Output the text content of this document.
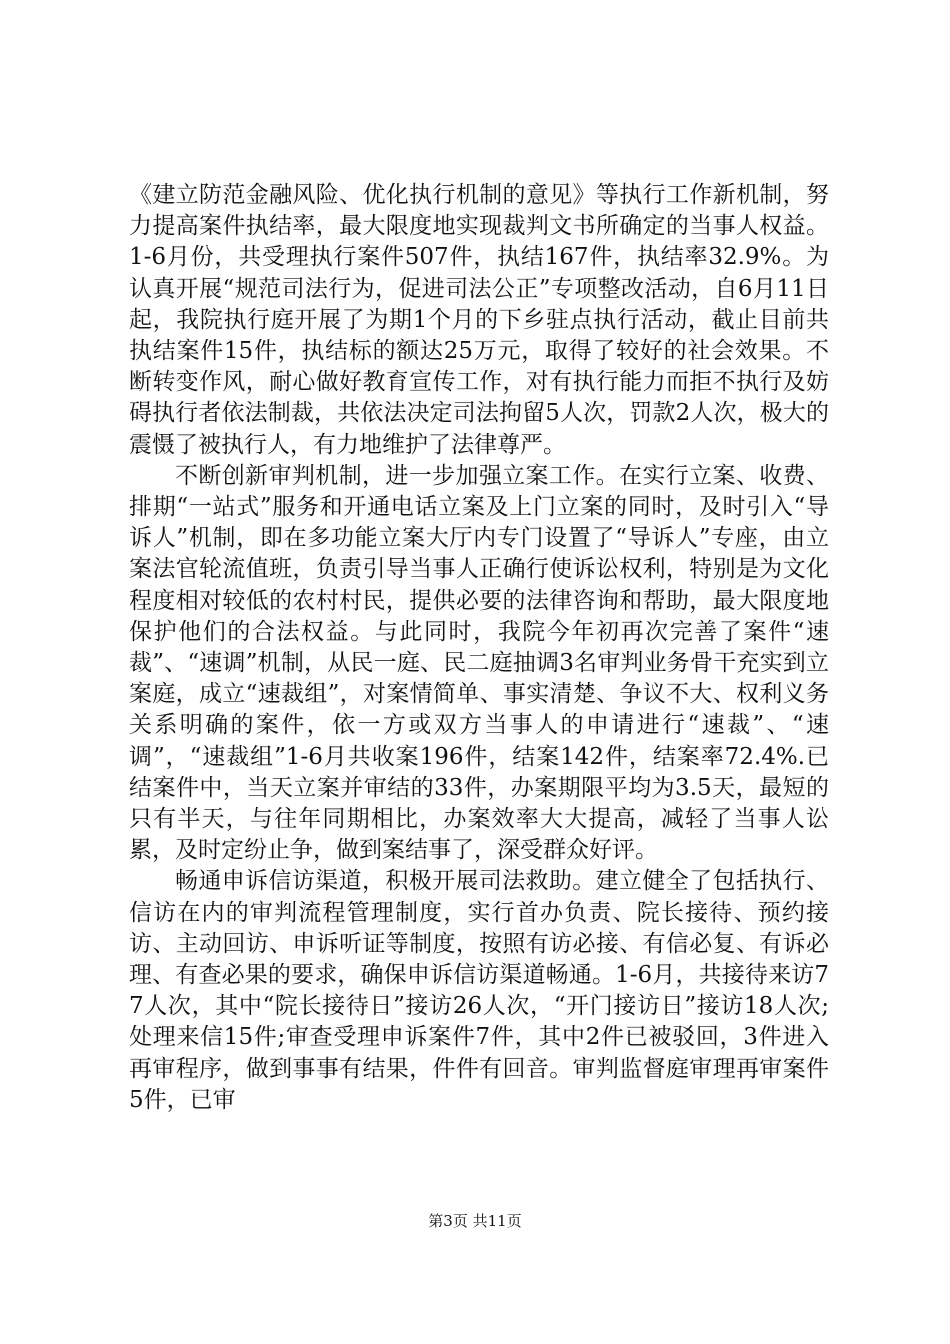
《建立防范金融风险、优化执行机制的意见》等执行工作新机制，努力提高案件执结率，最大限度地实现裁判文书所确定的当事人权益。1-6月份，共受理执行案件507件，执结167件，执结率32.9%。为认真开展“规范司法行为，促进司法公正”专项整改活动，自6月11日起，我院执行庭开展了为期1个月的下乡驻点执行活动，截止目前共执结案件15件，执结标的额达25万元，取得了较好的社会效果。不断转变作风，耐心做好教育宣传工作，对有执行能力而拒不执行及妨碍执行者依法制裁，共依法决定司法拘留5人次，罚款2人次，极大的震慑了被执行人，有力地维护了法律尊严。

不断创新审判机制，进一步加强立案工作。在实行立案、收费、排期“一站式”服务和开通电话立案及上门立案的同时，及时引入“导诉人”机制，即在多功能立案大厅内专门设置了“导诉人”专座，由立案法官轮流值班，负责引导当事人正确行使诉讼权利，特别是为文化程度相对较低的农村村民，提供必要的法律咨询和帮助，最大限度地保护他们的合法权益。与此同时，我院今年初再次完善了案件“速裁”、“速调”机制，从民一庭、民二庭抽调3名审判业务骨干充实到立案庭，成立“速裁组”，对案情简单、事实清楚、争议不大、权利义务关系明确的案件，依一方或双方当事人的申请进行“速裁”、“速调”，“速裁组”1-6月共收案196件，结案142件，结案率72.4%.已结案件中，当天立案并审结的33件，办案期限平均为3.5天，最短的只有半天，与往年同期相比，办案效率大大提高，减轻了当事人讼累，及时定纷止争，做到案结事了，深受群众好评。

畅通申诉信访渠道，积极开展司法救助。建立健全了包括执行、信访在内的审判流程管理制度，实行首办负责、院长接待、预约接访、主动回访、申诉听证等制度，按照有访必接、有信必复、有诉必理、有查必果的要求，确保申诉信访渠道畅通。1-6月，共接待来访77人次，其中“院长接待日”接访26人次，“开门接访日”接访18人次;处理来信15件;审查受理申诉案件7件，其中2件已被驳回，3件进入再审程序，做到事事有结果，件件有回音。审判监督庭审理再审案件5件，已审

第3页 共11页
